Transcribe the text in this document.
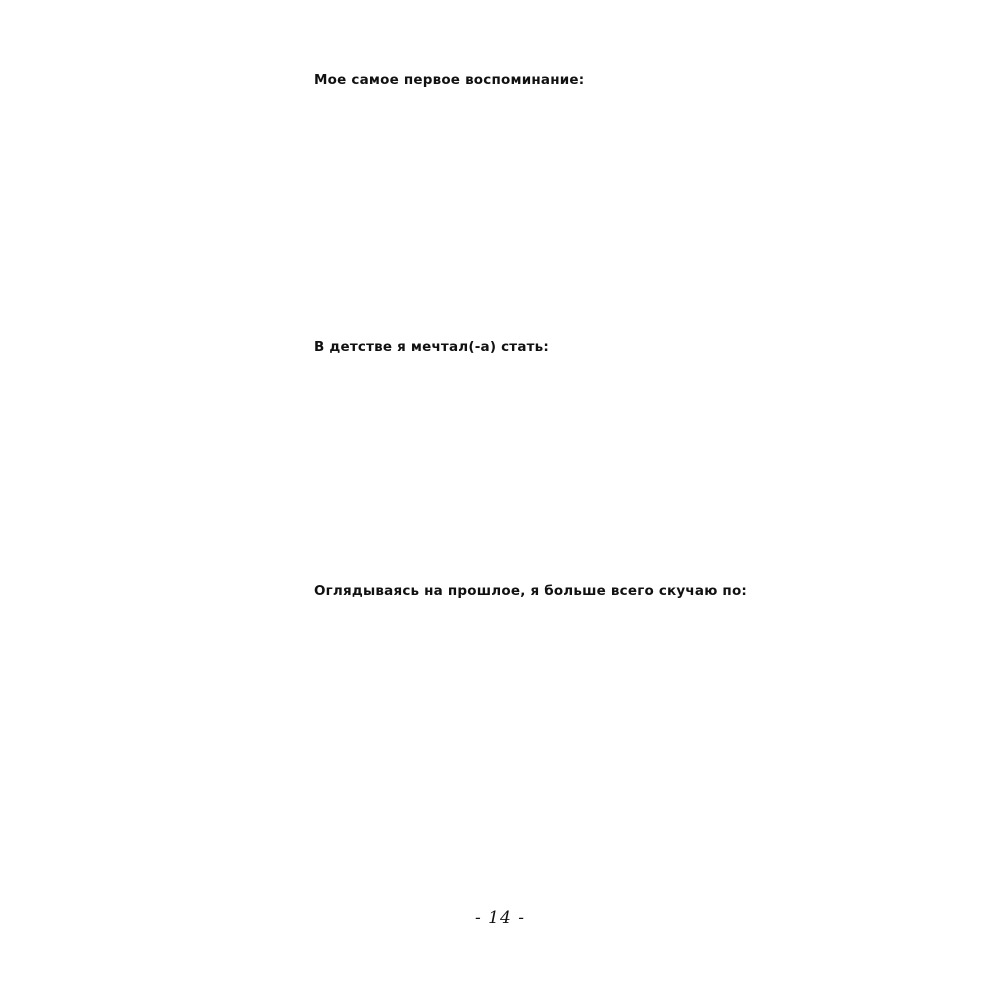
Мое самое первое воспоминание:
В детстве я мечтал(-а) стать:
Оглядываясь на прошлое, я больше всего скучаю по:
- 14 -
